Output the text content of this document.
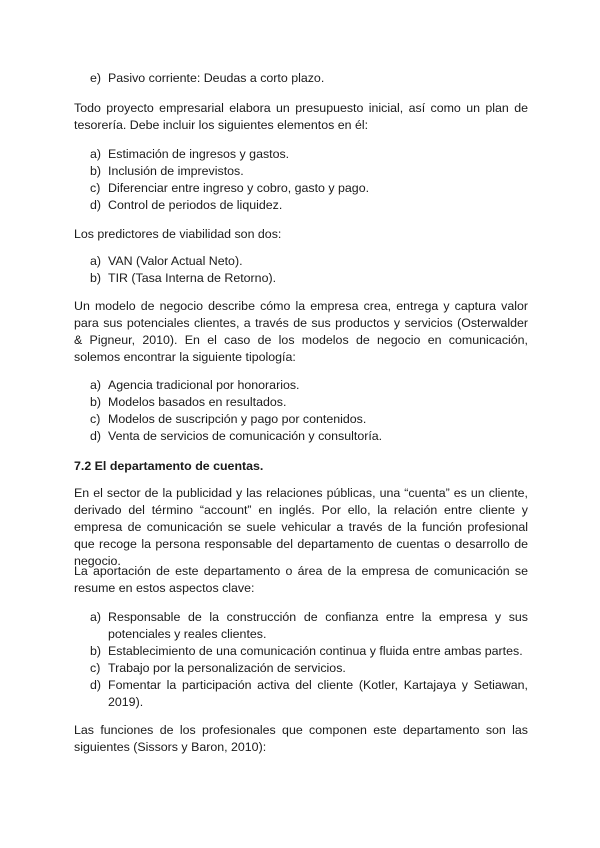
e) Pasivo corriente: Deudas a corto plazo.

Todo proyecto empresarial elabora un presupuesto inicial, así como un plan de tesorería. Debe incluir los siguientes elementos en él:

a) Estimación de ingresos y gastos.
b) Inclusión de imprevistos.
c) Diferenciar entre ingreso y cobro, gasto y pago.
d) Control de periodos de liquidez.

Los predictores de viabilidad son dos:

a) VAN (Valor Actual Neto).
b) TIR (Tasa Interna de Retorno).

Un modelo de negocio describe cómo la empresa crea, entrega y captura valor para sus potenciales clientes, a través de sus productos y servicios (Osterwalder & Pigneur, 2010). En el caso de los modelos de negocio en comunicación, solemos encontrar la siguiente tipología:

a) Agencia tradicional por honorarios.
b) Modelos basados en resultados.
c) Modelos de suscripción y pago por contenidos.
d) Venta de servicios de comunicación y consultoría.

7.2 El departamento de cuentas.

En el sector de la publicidad y las relaciones públicas, una “cuenta” es un cliente, derivado del término “account” en inglés. Por ello, la relación entre cliente y empresa de comunicación se suele vehicular a través de la función profesional que recoge la persona responsable del departamento de cuentas o desarrollo de negocio.

La aportación de este departamento o área de la empresa de comunicación se resume en estos aspectos clave:

a) Responsable de la construcción de confianza entre la empresa y sus potenciales y reales clientes.
b) Establecimiento de una comunicación continua y fluida entre ambas partes.
c) Trabajo por la personalización de servicios.
d) Fomentar la participación activa del cliente (Kotler, Kartajaya y Setiawan, 2019).

Las funciones de los profesionales que componen este departamento son las siguientes (Sissors y Baron, 2010):
